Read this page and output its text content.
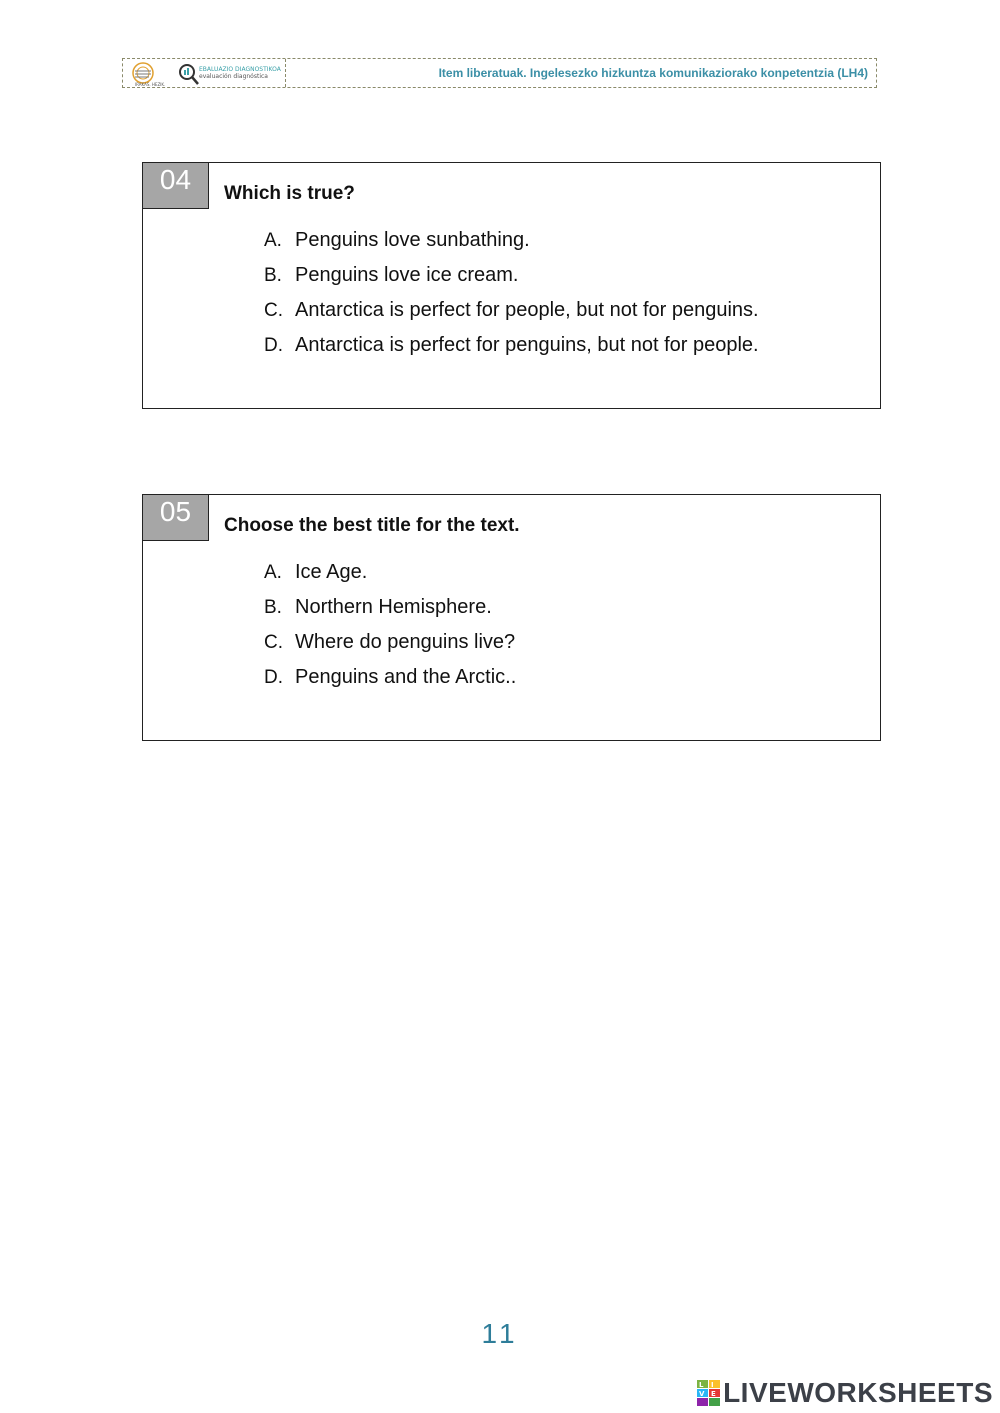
IRAKAS. HEZIK.
EBALUAZIO DIAGNOSTIKOA
evaluación diagnóstica	Item liberatuak. Ingelesezko hizkuntza komunikaziorako konpetentzia (LH4)
04	Which is true?
A. Penguins love sunbathing.
B. Penguins love ice cream.
C. Antarctica is perfect for people, but not for penguins.
D. Antarctica is perfect for penguins, but not for people.
05	Choose the best title for the text.
A. Ice Age.
B. Northern Hemisphere.
C. Where do penguins live?
D. Penguins and the Arctic..
11
L I
V E LIVEWORKSHEETS
